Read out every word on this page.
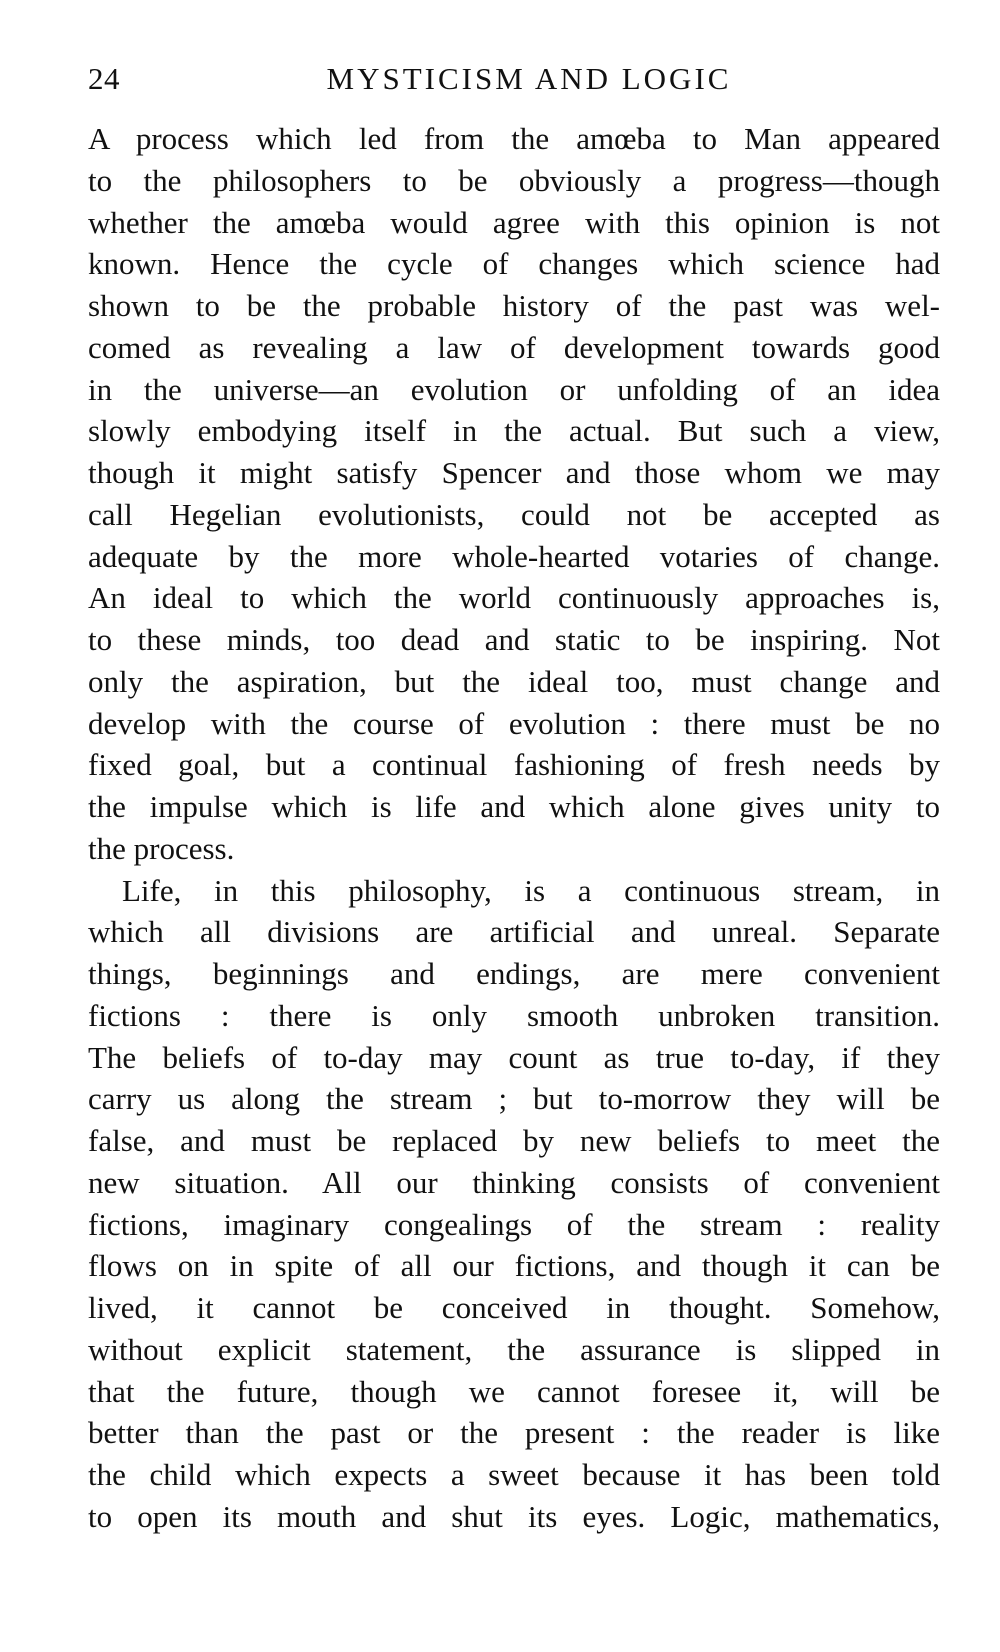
24	MYSTICISM AND LOGIC
A process which led from the amœba to Man appeared
to the philosophers to be obviously a progress—though
whether the amœba would agree with this opinion is not
known. Hence the cycle of changes which science had
shown to be the probable history of the past was wel-
comed as revealing a law of development towards good
in the universe—an evolution or unfolding of an idea
slowly embodying itself in the actual. But such a view,
though it might satisfy Spencer and those whom we may
call Hegelian evolutionists, could not be accepted as
adequate by the more whole-hearted votaries of change.
An ideal to which the world continuously approaches is,
to these minds, too dead and static to be inspiring. Not
only the aspiration, but the ideal too, must change and
develop with the course of evolution : there must be no
fixed goal, but a continual fashioning of fresh needs by
the impulse which is life and which alone gives unity to
the process.
Life, in this philosophy, is a continuous stream, in
which all divisions are artificial and unreal. Separate
things, beginnings and endings, are mere convenient
fictions : there is only smooth unbroken transition.
The beliefs of to-day may count as true to-day, if they
carry us along the stream ; but to-morrow they will be
false, and must be replaced by new beliefs to meet the
new situation. All our thinking consists of convenient
fictions, imaginary congealings of the stream : reality
flows on in spite of all our fictions, and though it can be
lived, it cannot be conceived in thought. Somehow,
without explicit statement, the assurance is slipped in
that the future, though we cannot foresee it, will be
better than the past or the present : the reader is like
the child which expects a sweet because it has been told
to open its mouth and shut its eyes. Logic, mathematics,
